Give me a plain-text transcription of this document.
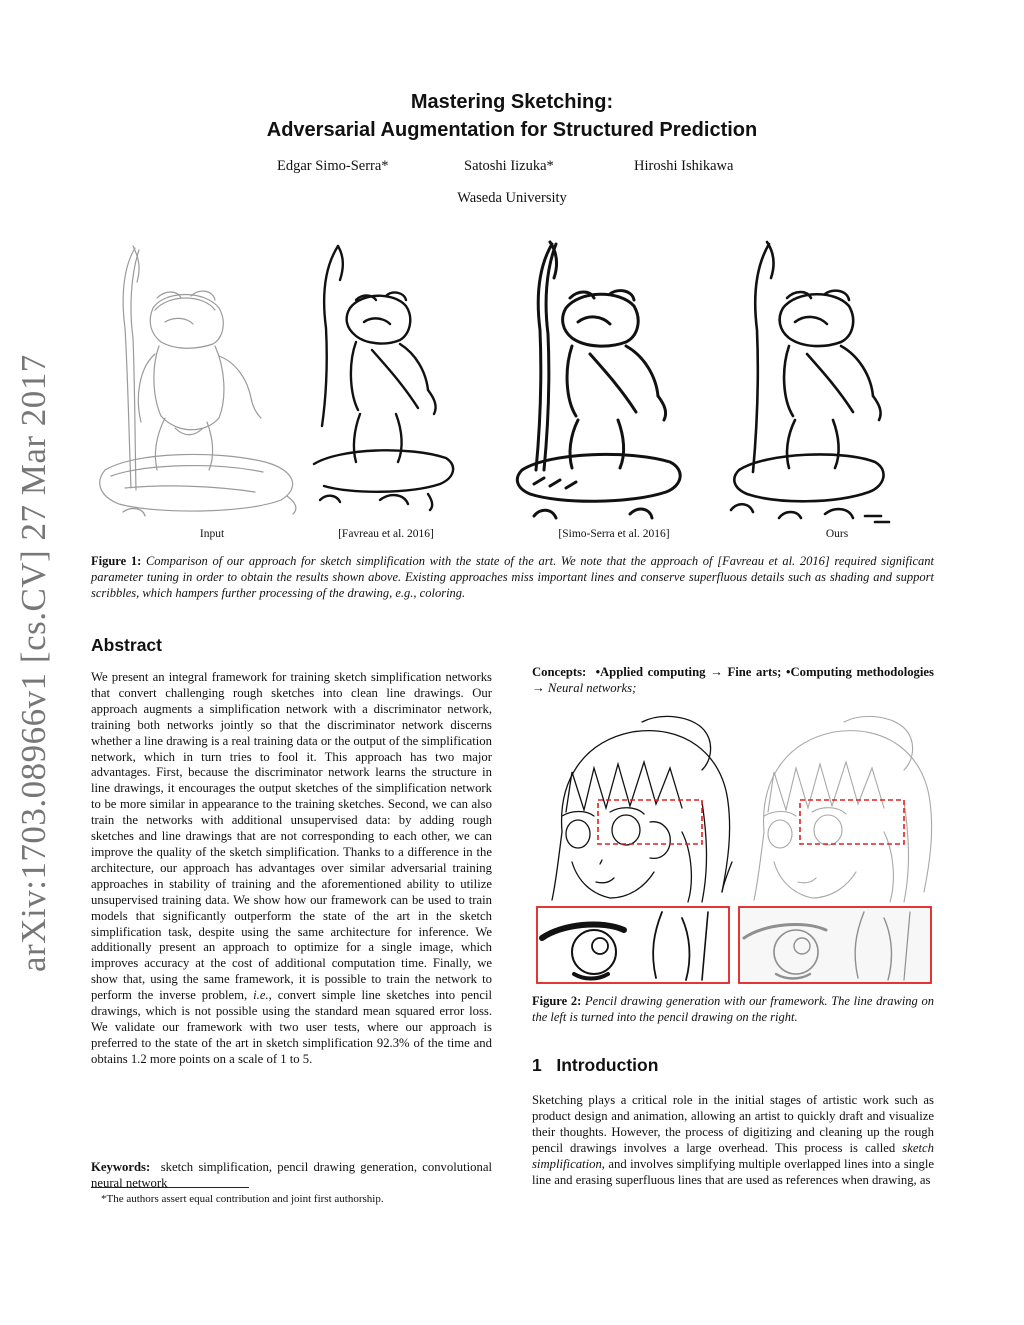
arXiv:1703.08966v1 [cs.CV] 27 Mar 2017
Mastering Sketching:
Adversarial Augmentation for Structured Prediction
Edgar Simo-Serra*	Satoshi Iizuka*	Hiroshi Ishikawa
Waseda University
Input	[Favreau et al. 2016]	[Simo-Serra et al. 2016]	Ours
Figure 1: Comparison of our approach for sketch simplification with the state of the art. We note that the approach of [Favreau et al. 2016] required significant parameter tuning in order to obtain the results shown above. Existing approaches miss important lines and conserve superfluous details such as shading and support scribbles, which hampers further processing of the drawing, e.g., coloring.
Abstract
We present an integral framework for training sketch simplification networks that convert challenging rough sketches into clean line drawings. Our approach augments a simplification network with a discriminator network, training both networks jointly so that the discriminator network discerns whether a line drawing is a real training data or the output of the simplification network, which in turn tries to fool it. This approach has two major advantages. First, because the discriminator network learns the structure in line drawings, it encourages the output sketches of the simplification network to be more similar in appearance to the training sketches. Second, we can also train the networks with additional unsupervised data: by adding rough sketches and line drawings that are not corresponding to each other, we can improve the quality of the sketch simplification. Thanks to a difference in the architecture, our approach has advantages over similar adversarial training approaches in stability of training and the aforementioned ability to utilize unsupervised training data. We show how our framework can be used to train models that significantly outperform the state of the art in the sketch simplification task, despite using the same architecture for inference. We additionally present an approach to optimize for a single image, which improves accuracy at the cost of additional computation time. Finally, we show that, using the same framework, it is possible to train the network to perform the inverse problem, i.e., convert simple line sketches into pencil drawings, which is not possible using the standard mean squared error loss. We validate our framework with two user tests, where our approach is preferred to the state of the art in sketch simplification 92.3% of the time and obtains 1.2 more points on a scale of 1 to 5.
Keywords: sketch simplification, pencil drawing generation, convolutional neural network
*The authors assert equal contribution and joint first authorship.
Concepts: •Applied computing → Fine arts; •Computing methodologies → Neural networks;
Figure 2: Pencil drawing generation with our framework. The line drawing on the left is turned into the pencil drawing on the right.
1 Introduction
Sketching plays a critical role in the initial stages of artistic work such as product design and animation, allowing an artist to quickly draft and visualize their thoughts. However, the process of digitizing and cleaning up the rough pencil drawings involves a large overhead. This process is called sketch simplification, and involves simplifying multiple overlapped lines into a single line and erasing superfluous lines that are used as references when drawing, as
